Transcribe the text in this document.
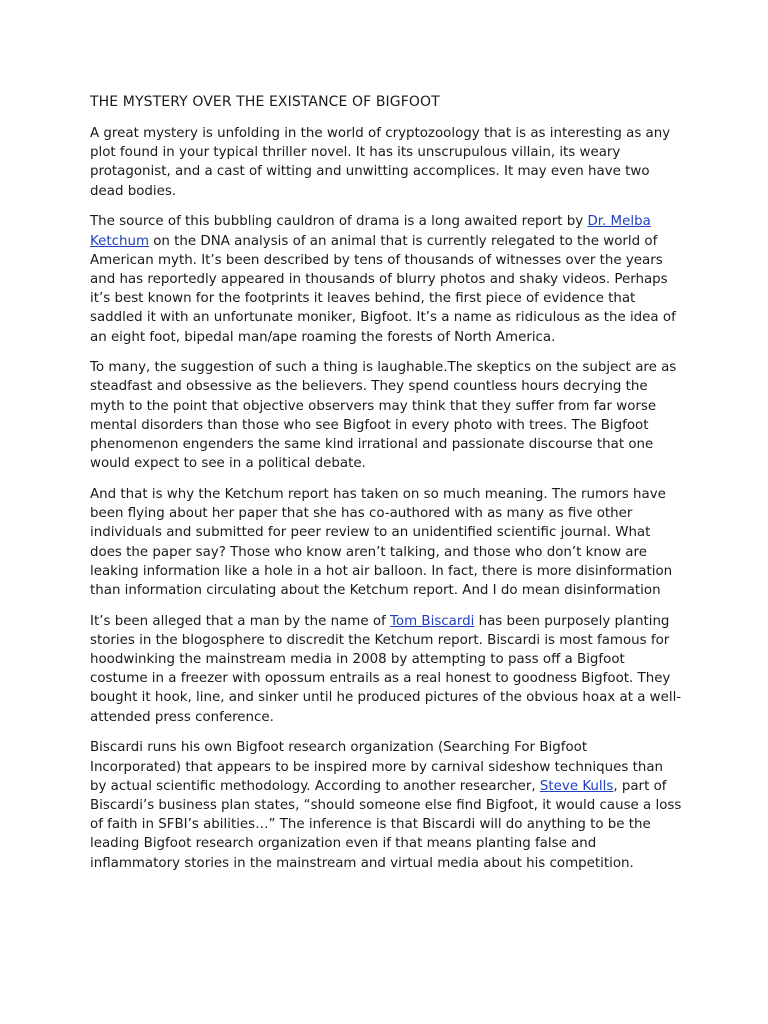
THE MYSTERY OVER THE EXISTANCE OF BIGFOOT

A great mystery is unfolding in the world of cryptozoology that is as interesting as any plot found in your typical thriller novel. It has its unscrupulous villain, its weary protagonist, and a cast of witting and unwitting accomplices. It may even have two dead bodies.

The source of this bubbling cauldron of drama is a long awaited report by Dr. Melba Ketchum on the DNA analysis of an animal that is currently relegated to the world of American myth. It’s been described by tens of thousands of witnesses over the years and has reportedly appeared in thousands of blurry photos and shaky videos. Perhaps it’s best known for the footprints it leaves behind, the first piece of evidence that saddled it with an unfortunate moniker, Bigfoot. It’s a name as ridiculous as the idea of an eight foot, bipedal man/ape roaming the forests of North America.

To many, the suggestion of such a thing is laughable.The skeptics on the subject are as steadfast and obsessive as the believers. They spend countless hours decrying the myth to the point that objective observers may think that they suffer from far worse mental disorders than those who see Bigfoot in every photo with trees. The Bigfoot phenomenon engenders the same kind irrational and passionate discourse that one would expect to see in a political debate.

And that is why the Ketchum report has taken on so much meaning. The rumors have been flying about her paper that she has co-authored with as many as five other individuals and submitted for peer review to an unidentified scientific journal. What does the paper say? Those who know aren’t talking, and those who don’t know are leaking information like a hole in a hot air balloon. In fact, there is more disinformation than information circulating about the Ketchum report. And I do mean disinformation

It’s been alleged that a man by the name of Tom Biscardi has been purposely planting stories in the blogosphere to discredit the Ketchum report. Biscardi is most famous for hoodwinking the mainstream media in 2008 by attempting to pass off a Bigfoot costume in a freezer with opossum entrails as a real honest to goodness Bigfoot. They bought it hook, line, and sinker until he produced pictures of the obvious hoax at a well-attended press conference.

Biscardi runs his own Bigfoot research organization (Searching For Bigfoot Incorporated) that appears to be inspired more by carnival sideshow techniques than by actual scientific methodology. According to another researcher, Steve Kulls, part of Biscardi’s business plan states, “should someone else find Bigfoot, it would cause a loss of faith in SFBI’s abilities…” The inference is that Biscardi will do anything to be the leading Bigfoot research organization even if that means planting false and inflammatory stories in the mainstream and virtual media about his competition.
